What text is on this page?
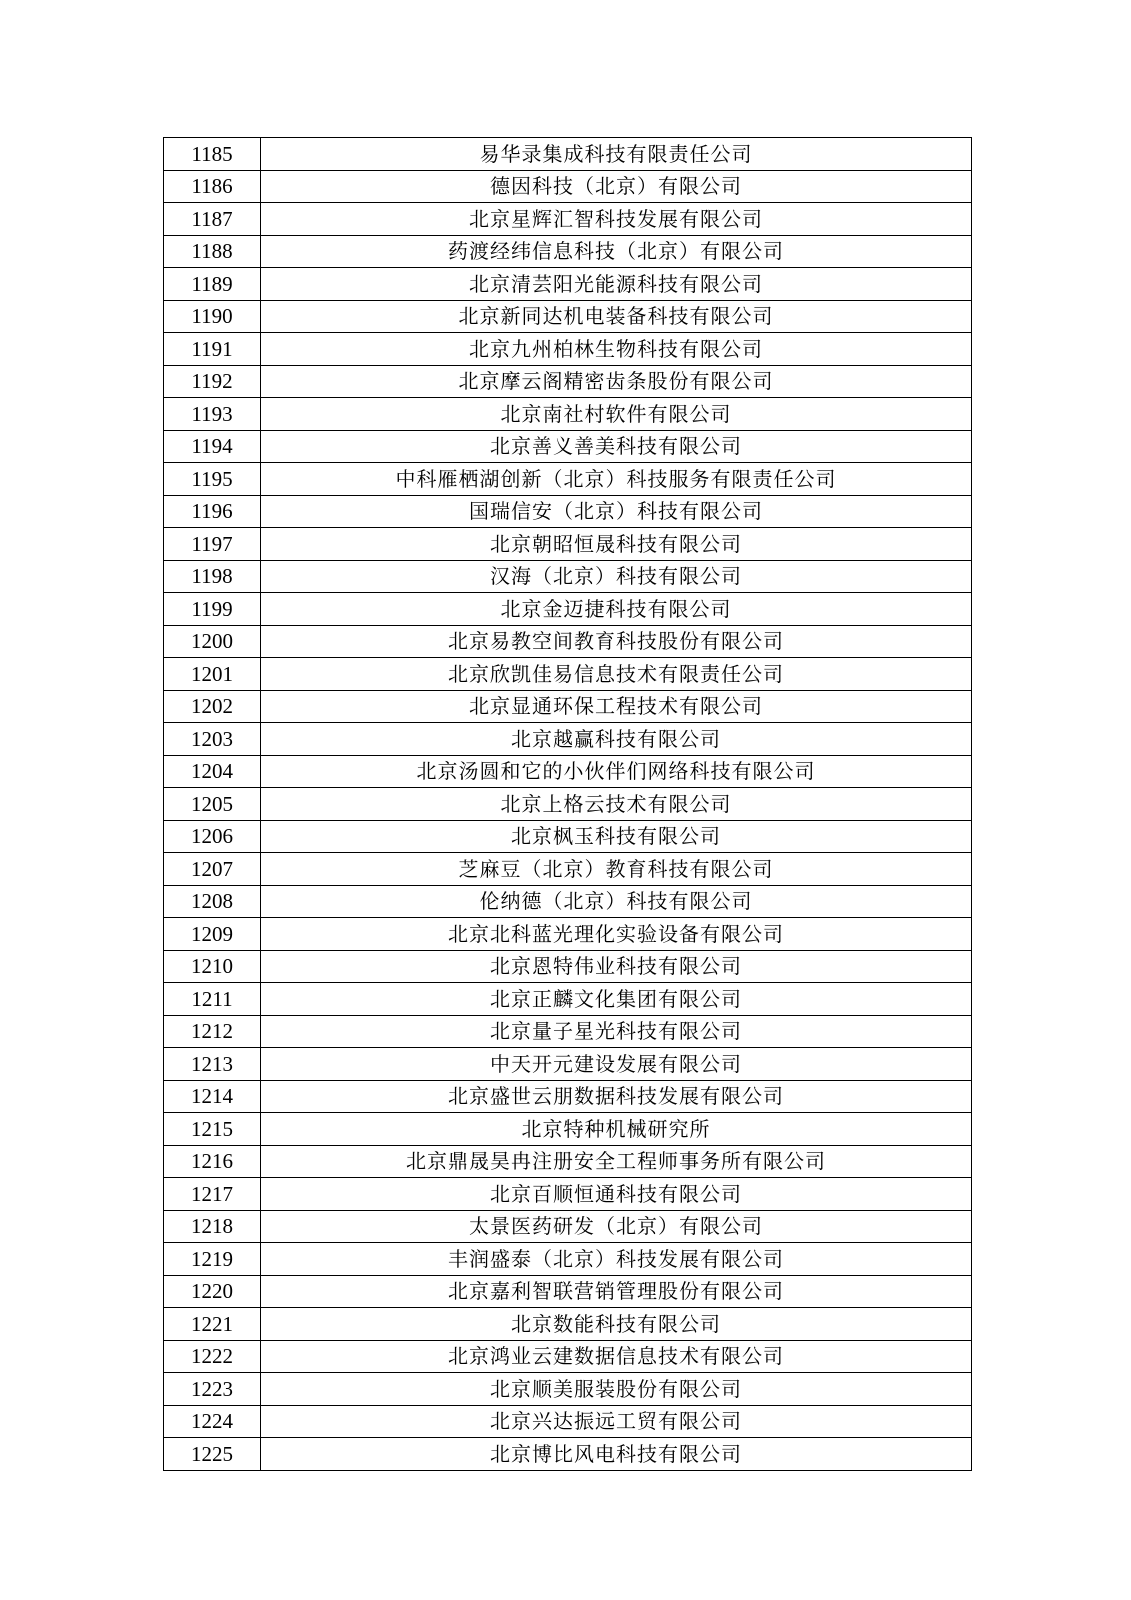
1185	易华录集成科技有限责任公司
1186	德因科技（北京）有限公司
1187	北京星辉汇智科技发展有限公司
1188	药渡经纬信息科技（北京）有限公司
1189	北京清芸阳光能源科技有限公司
1190	北京新同达机电装备科技有限公司
1191	北京九州柏林生物科技有限公司
1192	北京摩云阁精密齿条股份有限公司
1193	北京南社村软件有限公司
1194	北京善义善美科技有限公司
1195	中科雁栖湖创新（北京）科技服务有限责任公司
1196	国瑞信安（北京）科技有限公司
1197	北京朝昭恒晟科技有限公司
1198	汉海（北京）科技有限公司
1199	北京金迈捷科技有限公司
1200	北京易教空间教育科技股份有限公司
1201	北京欣凯佳易信息技术有限责任公司
1202	北京显通环保工程技术有限公司
1203	北京越赢科技有限公司
1204	北京汤圆和它的小伙伴们网络科技有限公司
1205	北京上格云技术有限公司
1206	北京枫玉科技有限公司
1207	芝麻豆（北京）教育科技有限公司
1208	伦纳德（北京）科技有限公司
1209	北京北科蓝光理化实验设备有限公司
1210	北京恩特伟业科技有限公司
1211	北京正麟文化集团有限公司
1212	北京量子星光科技有限公司
1213	中天开元建设发展有限公司
1214	北京盛世云朋数据科技发展有限公司
1215	北京特种机械研究所
1216	北京鼎晟昊冉注册安全工程师事务所有限公司
1217	北京百顺恒通科技有限公司
1218	太景医药研发（北京）有限公司
1219	丰润盛泰（北京）科技发展有限公司
1220	北京嘉利智联营销管理股份有限公司
1221	北京数能科技有限公司
1222	北京鸿业云建数据信息技术有限公司
1223	北京顺美服装股份有限公司
1224	北京兴达振远工贸有限公司
1225	北京博比风电科技有限公司
